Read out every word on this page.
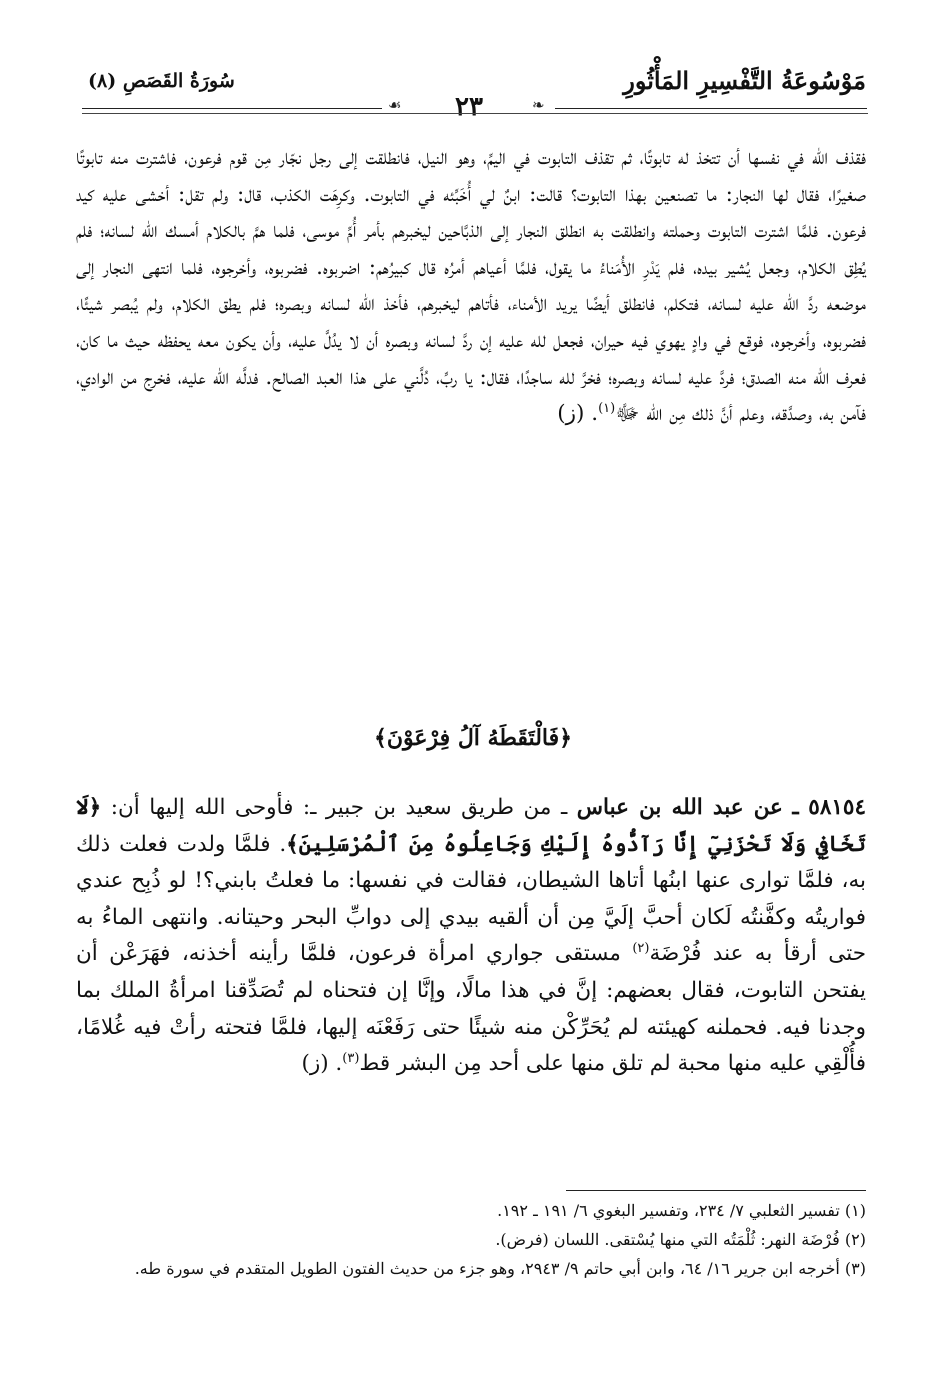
مَوْسُوعَةُ التَّفْسِيرِ المَأْثُورِ
❧
٢٣
☙
سُورَةُ القَصَصِ (٨)
فقذف الله في نفسها أن تتخذ له تابوتًا، ثم تقذف التابوت في اليمِّ، وهو النيل، فانطلقت إلى رجل نجّار مِن قوم فرعون، فاشترت منه تابوتًا صغيرًا، فقال لها النجار: ما تصنعين بهذا التابوت؟ قالت: ابنٌ لي أُخَبِّئه في التابوت. وكرِهَت الكذب، قال: ولم تقل: أخشى عليه كيد فرعون. فلمَّا اشترت التابوت وحملته وانطلقت به انطلق النجار إلى الذبَّاحين ليخبرهم بأمر أُمِّ موسى، فلما همَّ بالكلام أمسك الله لسانه؛ فلم يُطِق الكلام، وجعل يُشير بيده، فلم يَدْرِ الأُمَناءُ ما يقول، فلمَّا أعياهم أمرُه قال كبيرُهم: اضربوه. فضربوه، وأخرجوه، فلما انتهى النجار إلى موضعه ردَّ الله عليه لسانه، فتكلم، فانطلق أيضًا يريد الأمناء، فأتاهم ليخبرهم، فأخذ الله لسانه وبصره؛ فلم يطق الكلام، ولم يُبصر شيئًا، فضربوه، وأخرجوه، فوقع في وادٍ يهوي فيه حيران، فجعل لله عليه إن ردَّ لسانه وبصره أن لا يدُلَّ عليه، وأن يكون معه يحفظه حيث ما كان، فعرف الله منه الصدق؛ فردَّ عليه لسانه وبصره؛ فخرَّ لله ساجدًا، فقال: يا ربِّ، دُلَّني على هذا العبد الصالح. فدلَّه الله عليه، فخرج من الوادي، فآمن به، وصدَّقه، وعلم أنَّ ذلك مِن الله ﷻ$^{(١)}$. (ز)
﴿فَالْتَقَطَهُ آلُ فِرْعَوْنَ﴾
٥٨١٥٤ ـ عن عبد الله بن عباس ـ من طريق سعيد بن جبير ـ: فأوحى الله إليها أن: ﴿لَا تَخَافِي وَلَا تَحْزَنِيٓ إِنَّا رَآدُّوهُ إِلَيْكِ وَجَاعِلُوهُ مِنَ ٱلْمُرْسَلِينَ﴾. فلمَّا ولدت فعلت ذلك به، فلمَّا توارى عنها ابنُها أتاها الشيطان، فقالت في نفسها: ما فعلتُ بابني؟! لو ذُبِح عندي فواريتُه وكفَّنتُه لَكان أحبَّ إلَيَّ مِن أن ألقيه بيدي إلى دوابِّ البحر وحيتانه. وانتهى الماءُ به حتى أرقأ به عند فُرْضَة$^{(٢)}$ مستقى جواري امرأة فرعون، فلمَّا رأينه أخذنه، فهَرَعْن أن يفتحن التابوت، فقال بعضهم: إنَّ في هذا مالًا، وإنَّا إن فتحناه لم تُصَدِّقنا امرأةُ الملك بما وجدنا فيه. فحملنه كهيئته لم يُحَرِّكْن منه شيئًا حتى رَفَعْنَه إليها، فلمَّا فتحته رأتْ فيه غُلامًا، فأُلْقِي عليه منها محبة لم تلق منها على أحد مِن البشر قط$^{(٣)}$. (ز)
(١) تفسير الثعلبي ٧/ ٢٣٤، وتفسير البغوي ٦/ ١٩١ ـ ١٩٢.
(٢) فُرْضَة النهر: ثُلْمَتُه التي منها يُسْتقى. اللسان (فرض).
(٣) أخرجه ابن جرير ١٦/ ٦٤، وابن أبي حاتم ٩/ ٢٩٤٣، وهو جزء من حديث الفتون الطويل المتقدم في سورة طه.
